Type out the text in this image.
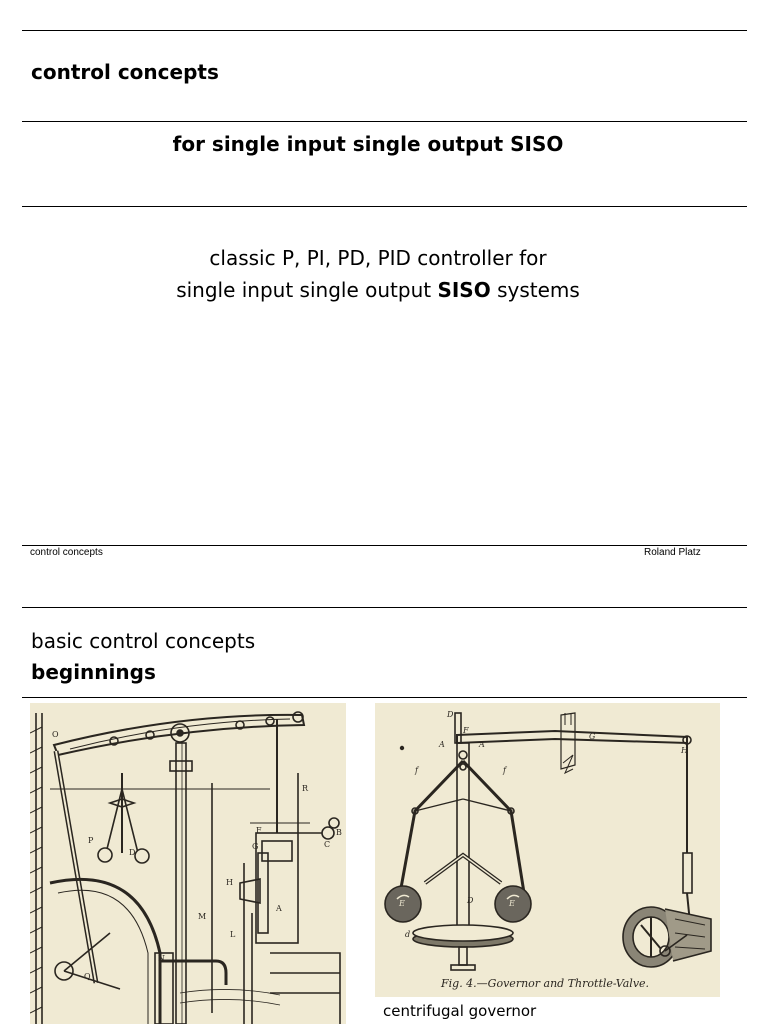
control concepts
for single input single output SISO
classic P, PI, PD, PID controller for
single input single output SISO systems
control concepts	Roland Platz
basic control concepts
beginnings
O
P
D
R
B
C
F
G
H
A
M
L
N
Q
D
F
A	A
G
H
f	f
E	E
D
d
Fig. 4.—Governor and Throttle-Valve.
centrifugal governor
